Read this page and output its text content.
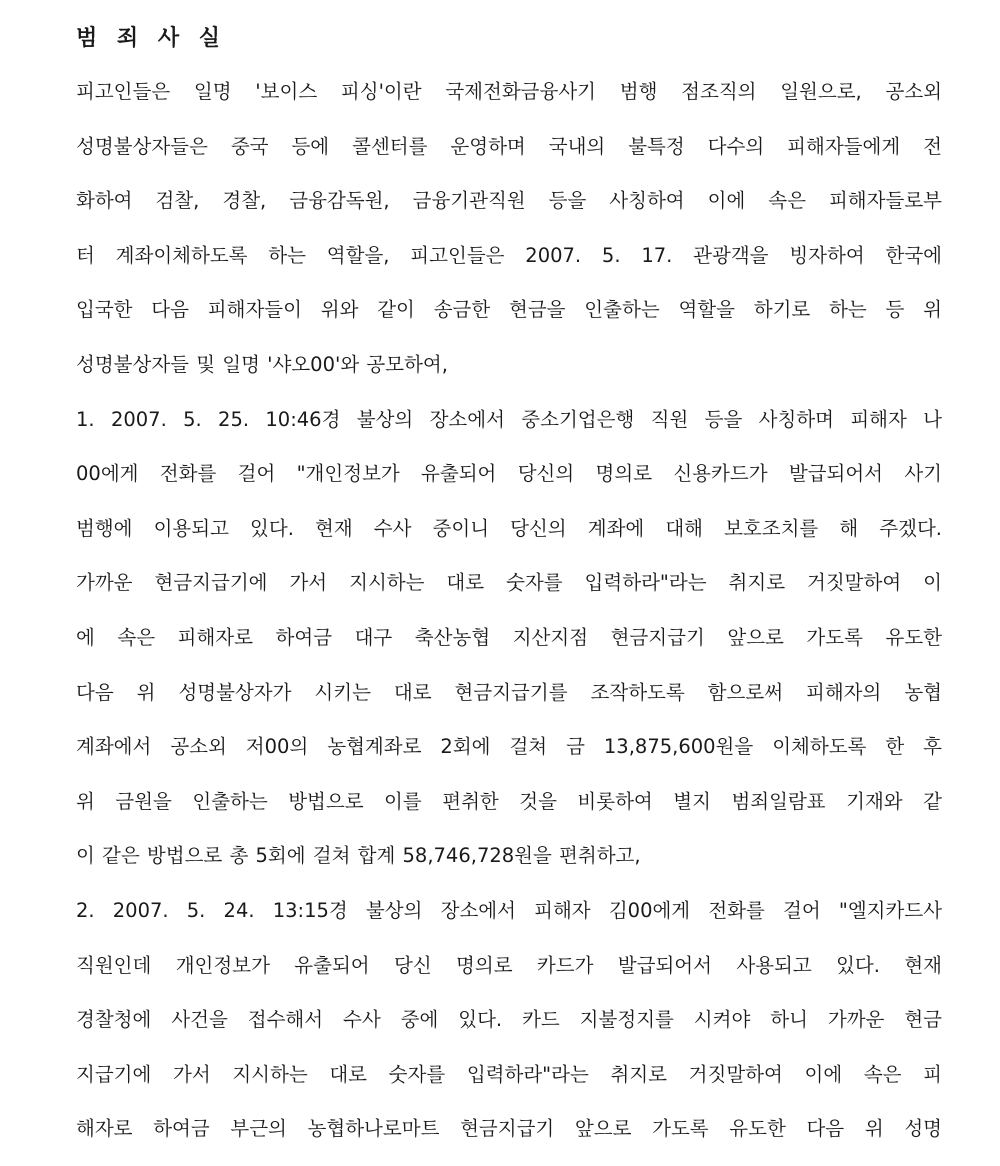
범 죄 사 실
피고인들은 일명 '보이스 피싱'이란 국제전화금융사기 범행 점조직의 일원으로, 공소외
성명불상자들은 중국 등에 콜센터를 운영하며 국내의 불특정 다수의 피해자들에게 전
화하여 검찰, 경찰, 금융감독원, 금융기관직원 등을 사칭하여 이에 속은 피해자들로부
터 계좌이체하도록 하는 역할을, 피고인들은 2007. 5. 17. 관광객을 빙자하여 한국에
입국한 다음 피해자들이 위와 같이 송금한 현금을 인출하는 역할을 하기로 하는 등 위
성명불상자들 및 일명 '샤오00'와 공모하여,
1. 2007. 5. 25. 10:46경 불상의 장소에서 중소기업은행 직원 등을 사칭하며 피해자 나
00에게 전화를 걸어 "개인정보가 유출되어 당신의 명의로 신용카드가 발급되어서 사기
범행에 이용되고 있다. 현재 수사 중이니 당신의 계좌에 대해 보호조치를 해 주겠다.
가까운 현금지급기에 가서 지시하는 대로 숫자를 입력하라"라는 취지로 거짓말하여 이
에 속은 피해자로 하여금 대구 축산농협 지산지점 현금지급기 앞으로 가도록 유도한
다음 위 성명불상자가 시키는 대로 현금지급기를 조작하도록 함으로써 피해자의 농협
계좌에서 공소외 저00의 농협계좌로 2회에 걸쳐 금 13,875,600원을 이체하도록 한 후
위 금원을 인출하는 방법으로 이를 편취한 것을 비롯하여 별지 범죄일람표 기재와 같
이 같은 방법으로 총 5회에 걸쳐 합계 58,746,728원을 편취하고,
2. 2007. 5. 24. 13:15경 불상의 장소에서 피해자 김00에게 전화를 걸어 "엘지카드사
직원인데 개인정보가 유출되어 당신 명의로 카드가 발급되어서 사용되고 있다. 현재
경찰청에 사건을 접수해서 수사 중에 있다. 카드 지불정지를 시켜야 하니 가까운 현금
지급기에 가서 지시하는 대로 숫자를 입력하라"라는 취지로 거짓말하여 이에 속은 피
해자로 하여금 부근의 농협하나로마트 현금지급기 앞으로 가도록 유도한 다음 위 성명
